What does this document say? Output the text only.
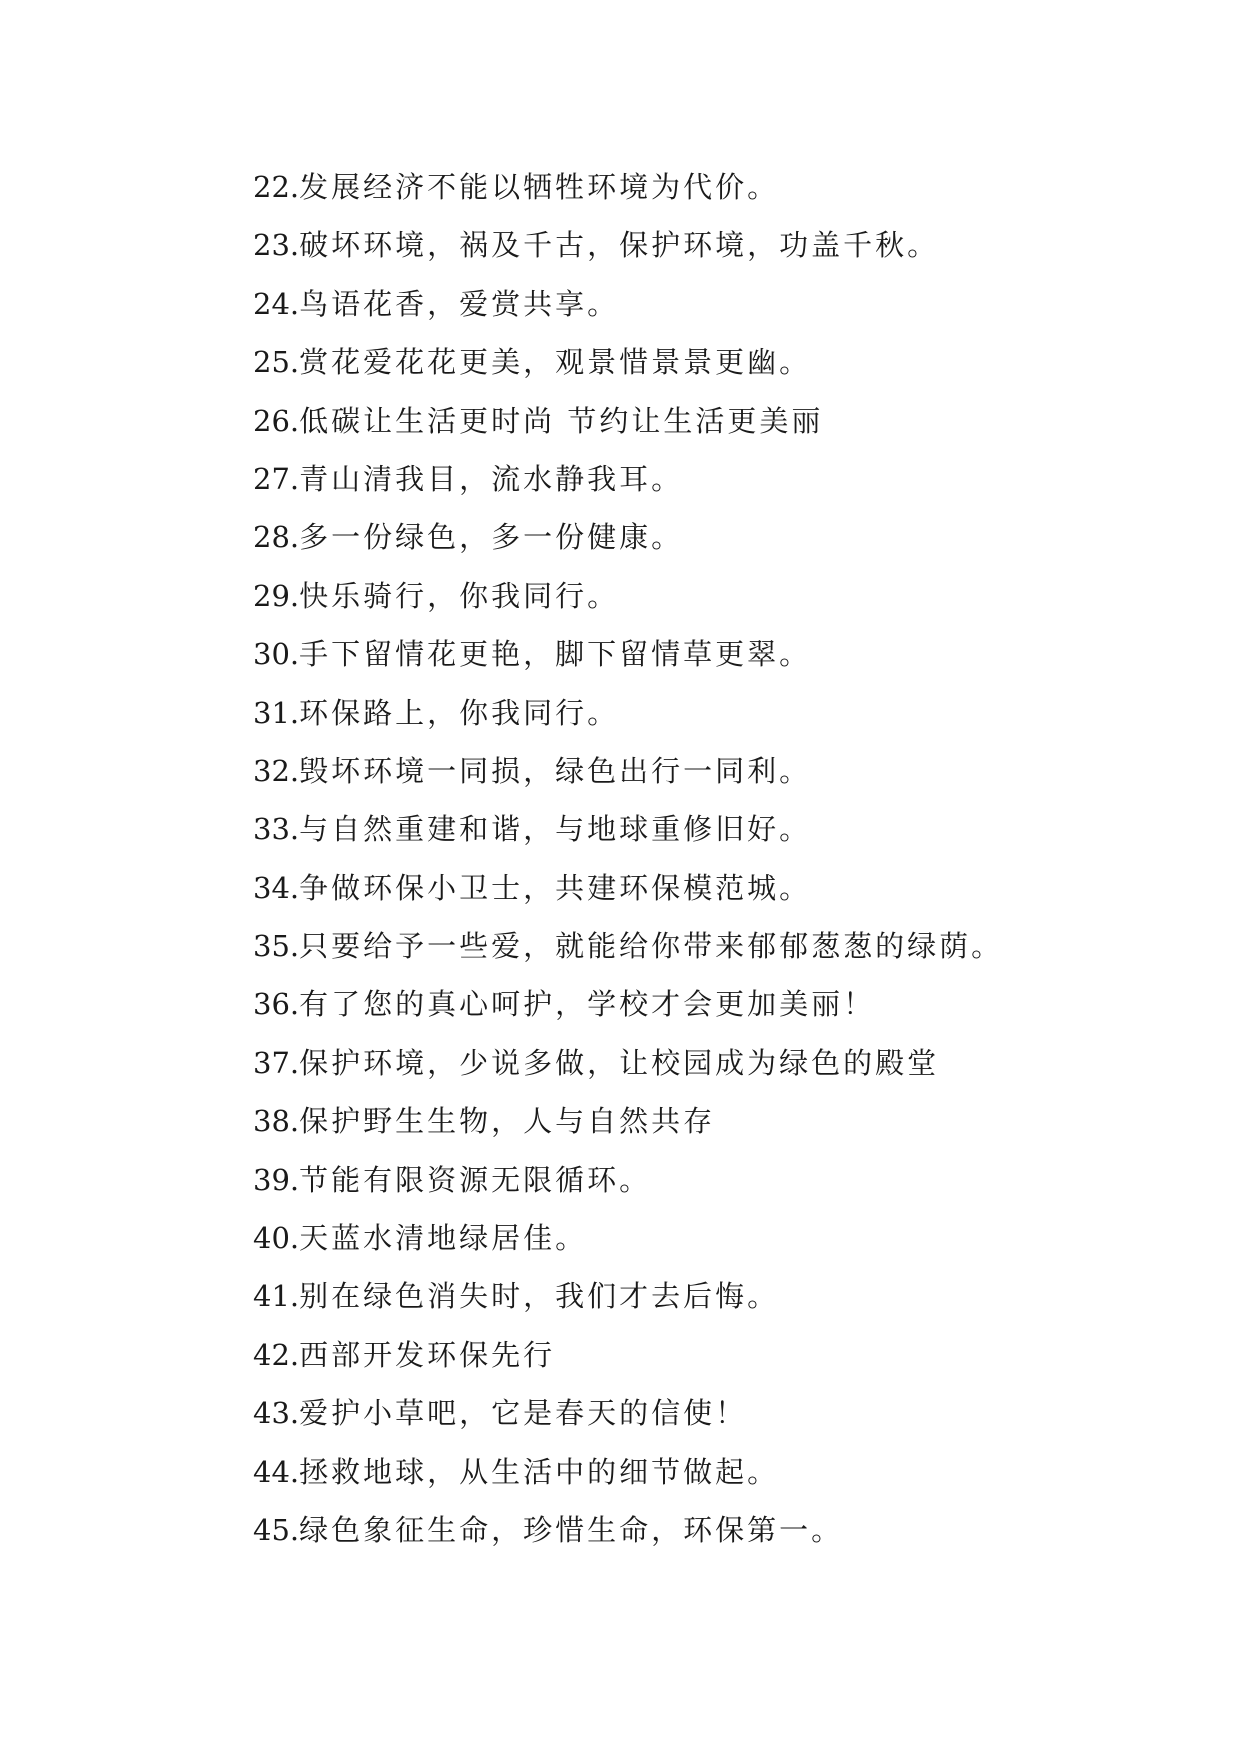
22.发展经济不能以牺牲环境为代价。
23.破坏环境，祸及千古，保护环境，功盖千秋。
24.鸟语花香，爱赏共享。
25.赏花爱花花更美，观景惜景景更幽。
26.低碳让生活更时尚 节约让生活更美丽
27.青山清我目，流水静我耳。
28.多一份绿色，多一份健康。
29.快乐骑行，你我同行。
30.手下留情花更艳，脚下留情草更翠。
31.环保路上，你我同行。
32.毁坏环境一同损，绿色出行一同利。
33.与自然重建和谐，与地球重修旧好。
34.争做环保小卫士，共建环保模范城。
35.只要给予一些爱，就能给你带来郁郁葱葱的绿荫。
36.有了您的真心呵护，学校才会更加美丽！
37.保护环境，少说多做，让校园成为绿色的殿堂
38.保护野生生物，人与自然共存
39.节能有限资源无限循环。
40.天蓝水清地绿居佳。
41.别在绿色消失时，我们才去后悔。
42.西部开发环保先行
43.爱护小草吧，它是春天的信使！
44.拯救地球，从生活中的细节做起。
45.绿色象征生命，珍惜生命，环保第一。
